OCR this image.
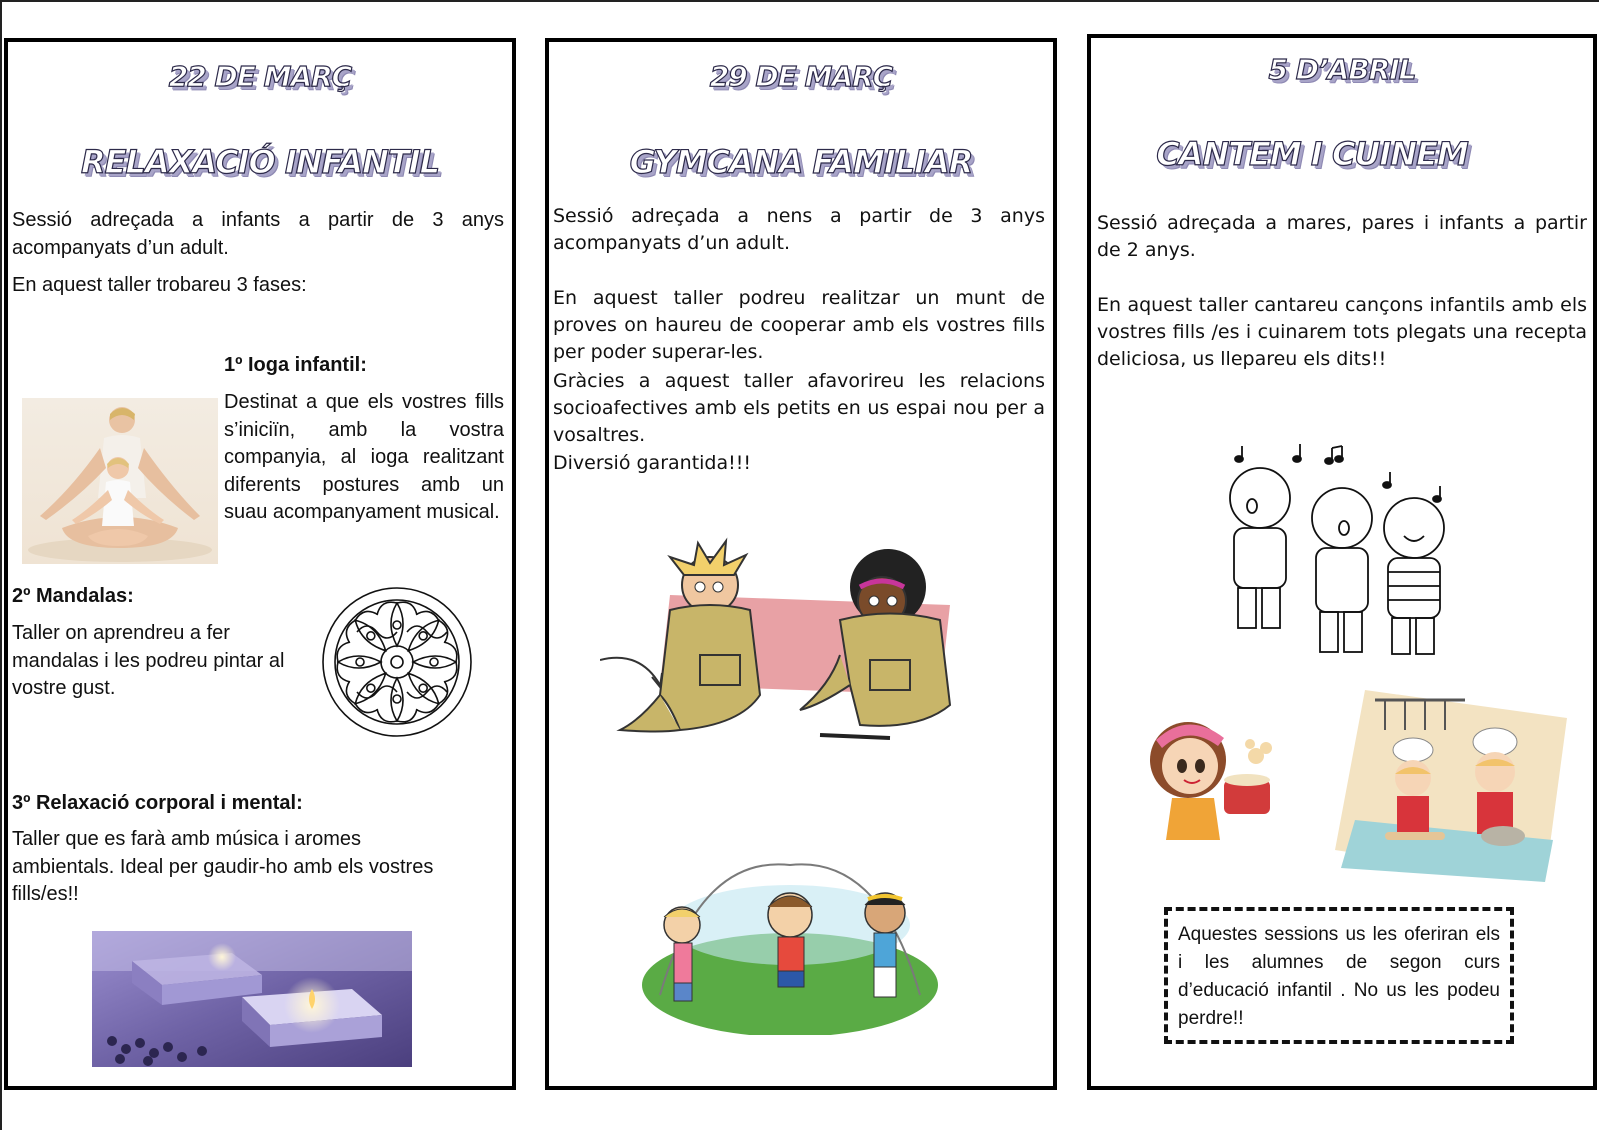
22 DE MARÇ
RELAXACIÓ INFANTIL
Sessió adreçada a infants a partir de 3 anys acompanyats d’un adult.
En aquest taller trobareu 3 fases:
1º Ioga infantil:
Destinat a que els vostres fills s’iniciïn, amb la vostra companyia, al ioga realitzant diferents postures amb un suau acompanyament musical.
2º Mandalas:
Taller on aprendreu a fer mandalas i les podreu pintar al vostre gust.
3º Relaxació corporal i mental:
Taller que es farà amb música i aromes
ambientals. Ideal per gaudir-ho amb els vostres fills/es!!
29 DE MARÇ
GYMCANA FAMILIAR
Sessió adreçada a nens a partir de 3 anys acompanyats d’un adult.
En aquest taller podreu realitzar un munt de proves on haureu de cooperar amb els vostres fills per poder superar-les.
Gràcies a aquest taller afavorireu les relacions socioafectives amb els petits en us espai nou per a vosaltres.
Diversió garantida!!!
5 D’ABRIL
CANTEM I CUINEM
Sessió adreçada a mares, pares i infants a partir de 2 anys.
En aquest taller cantareu cançons infantils amb els vostres fills /es i cuinarem tots plegats una recepta deliciosa, us llepareu els dits!!
Aquestes sessions us les oferiran els i les alumnes de segon curs d’educació infantil . No us les podeu perdre!!
